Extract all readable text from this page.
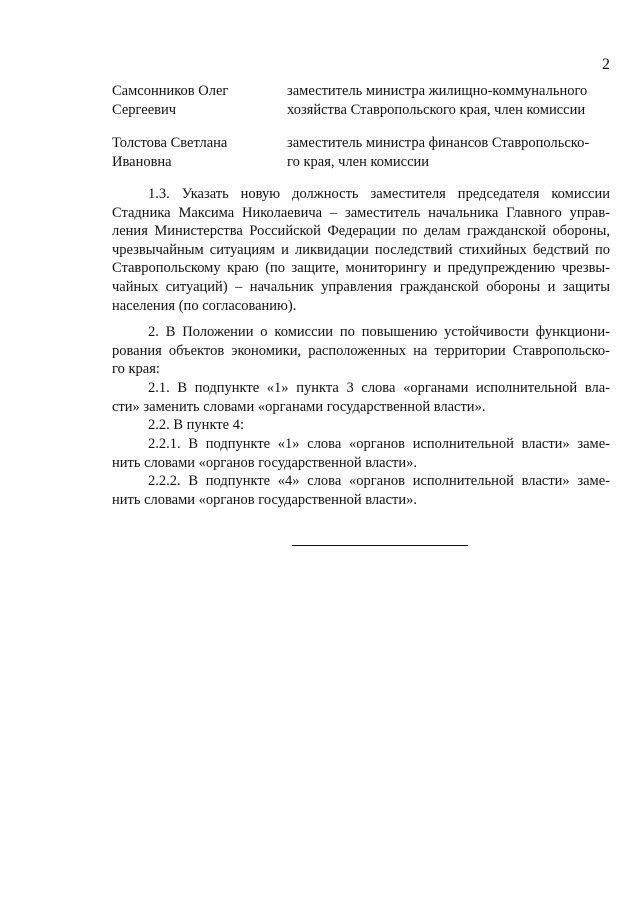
2
Самсонников Олег
Сергеевич
заместитель министра жилищно-коммунального
хозяйства Ставропольского края, член комиссии
Толстова Светлана
Ивановна
заместитель министра финансов Ставропольско-
го края, член комиссии
1.3. Указать новую должность заместителя председателя комиссии
Стадника Максима Николаевича – заместитель начальника Главного управ-
ления Министерства Российской Федерации по делам гражданской обороны,
чрезвычайным ситуациям и ликвидации последствий стихийных бедствий по
Ставропольскому краю (по защите, мониторингу и предупреждению чрезвы-
чайных ситуаций) – начальник управления гражданской обороны и защиты
населения (по согласованию).
2. В Положении о комиссии по повышению устойчивости функциони-
рования объектов экономики, расположенных на территории Ставропольско-
го края:
2.1. В подпункте «1» пункта 3 слова «органами исполнительной вла-
сти» заменить словами «органами государственной власти».
2.2. В пункте 4:
2.2.1. В подпункте «1» слова «органов исполнительной власти» заме-
нить словами «органов государственной власти».
2.2.2. В подпункте «4» слова «органов исполнительной власти» заме-
нить словами «органов государственной власти».
